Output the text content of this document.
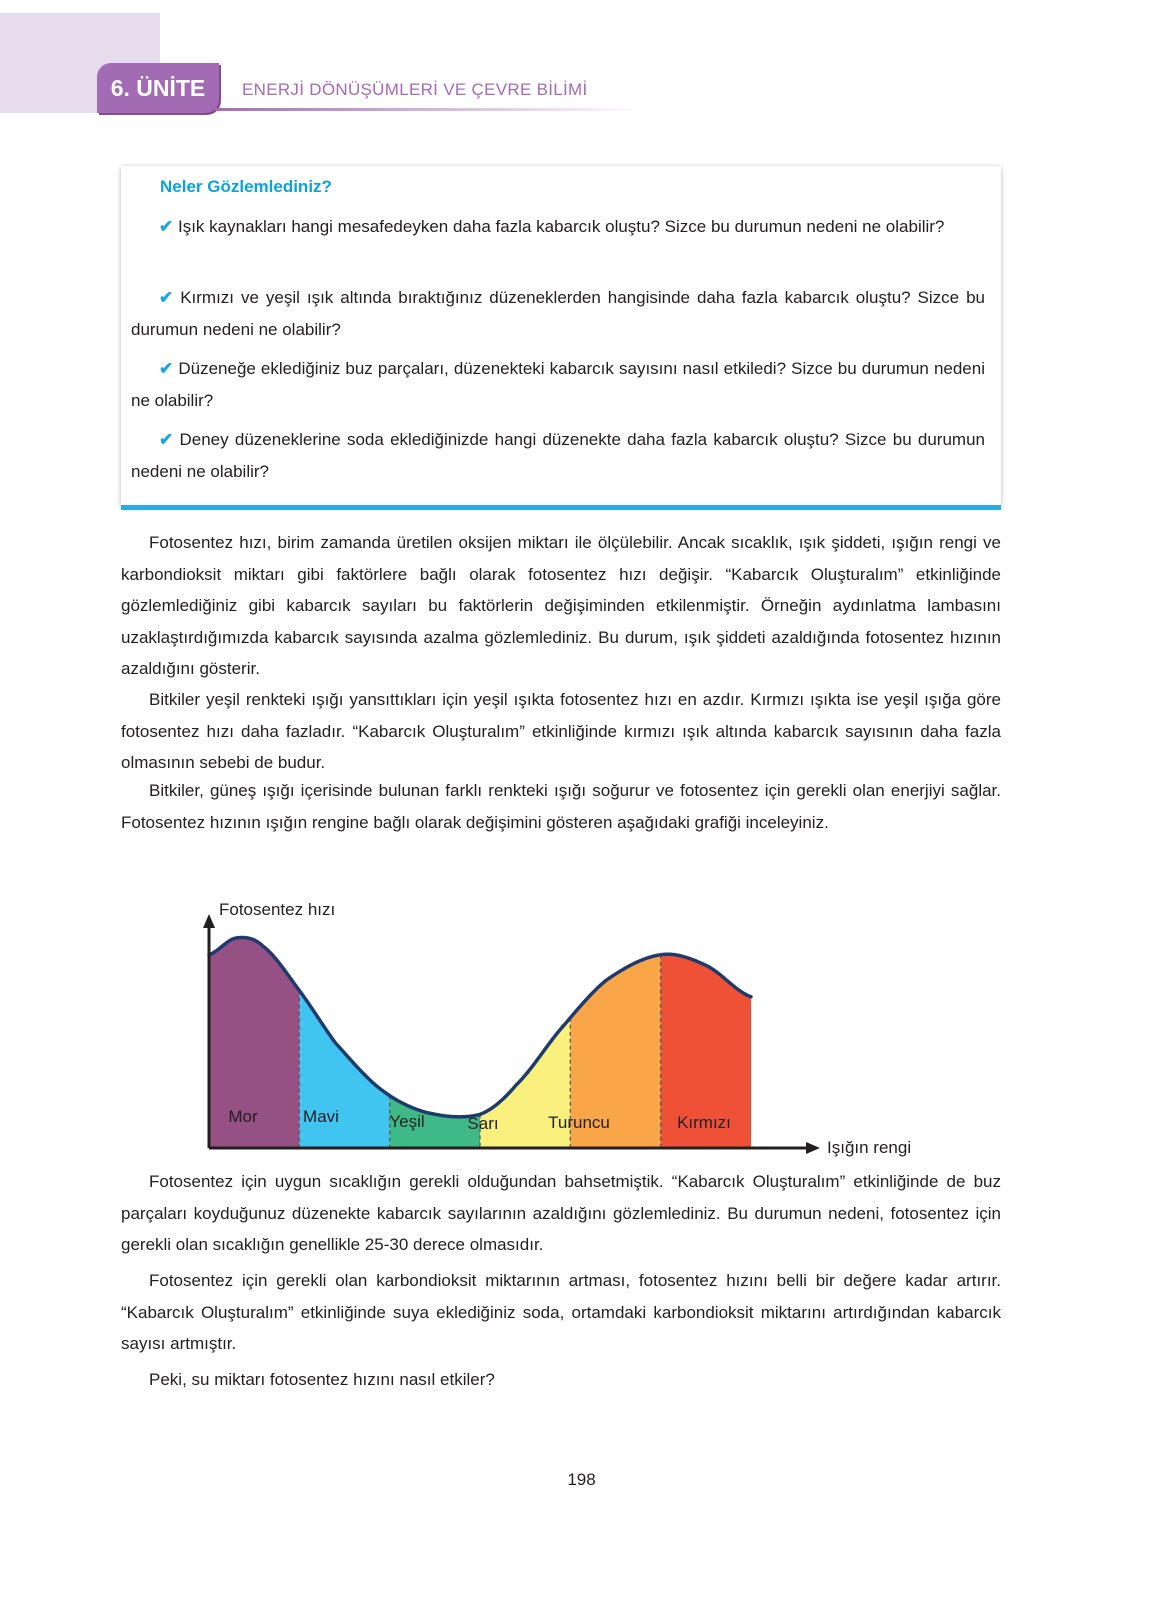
6. ÜNİTE	ENERJİ DÖNÜŞÜMLERİ VE ÇEVRE BİLİMİ
Neler Gözlemlediniz?
✔ Işık kaynakları hangi mesafedeyken daha fazla kabarcık oluştu? Sizce bu durumun nedeni ne olabilir?
✔ Kırmızı ve yeşil ışık altında bıraktığınız düzeneklerden hangisinde daha fazla kabarcık oluştu? Sizce bu durumun nedeni ne olabilir?
✔ Düzeneğe eklediğiniz buz parçaları, düzenekteki kabarcık sayısını nasıl etkiledi? Sizce bu durumun nedeni ne olabilir?
✔ Deney düzeneklerine soda eklediğinizde hangi düzenekte daha fazla kabarcık oluştu? Sizce bu durumun nedeni ne olabilir?
Fotosentez hızı, birim zamanda üretilen oksijen miktarı ile ölçülebilir. Ancak sıcaklık, ışık şiddeti, ışığın rengi ve karbondioksit miktarı gibi faktörlere bağlı olarak fotosentez hızı değişir. “Kabarcık Oluşturalım” etkinliğinde gözlemlediğiniz gibi kabarcık sayıları bu faktörlerin değişiminden etkilenmiştir. Örneğin aydınlatma lambasını uzaklaştırdığımızda kabarcık sayısında azalma gözlemlediniz. Bu durum, ışık şiddeti azaldığında fotosentez hızının azaldığını gösterir.
Bitkiler yeşil renkteki ışığı yansıttıkları için yeşil ışıkta fotosentez hızı en azdır. Kırmızı ışıkta ise yeşil ışığa göre fotosentez hızı daha fazladır. “Kabarcık Oluşturalım” etkinliğinde kırmızı ışık altında kabarcık sayısının daha fazla olmasının sebebi de budur.
Bitkiler, güneş ışığı içerisinde bulunan farklı renkteki ışığı soğurur ve fotosentez için gerekli olan enerjiyi sağlar. Fotosentez hızının ışığın rengine bağlı olarak değişimini gösteren aşağıdaki grafiği inceleyiniz.
Fotosentez hızı
Işığın rengi
Mor	Mavi	Yeşil	Sarı	Turuncu	Kırmızı
Fotosentez için uygun sıcaklığın gerekli olduğundan bahsetmiştik. “Kabarcık Oluşturalım” etkinliğinde de buz parçaları koyduğunuz düzenekte kabarcık sayılarının azaldığını gözlemlediniz. Bu durumun nedeni, fotosentez için gerekli olan sıcaklığın genellikle 25-30 derece olmasıdır.
Fotosentez için gerekli olan karbondioksit miktarının artması, fotosentez hızını belli bir değere kadar artırır. “Kabarcık Oluşturalım” etkinliğinde suya eklediğiniz soda, ortamdaki karbondioksit miktarını artırdığından kabarcık sayısı artmıştır.
Peki, su miktarı fotosentez hızını nasıl etkiler?
198
